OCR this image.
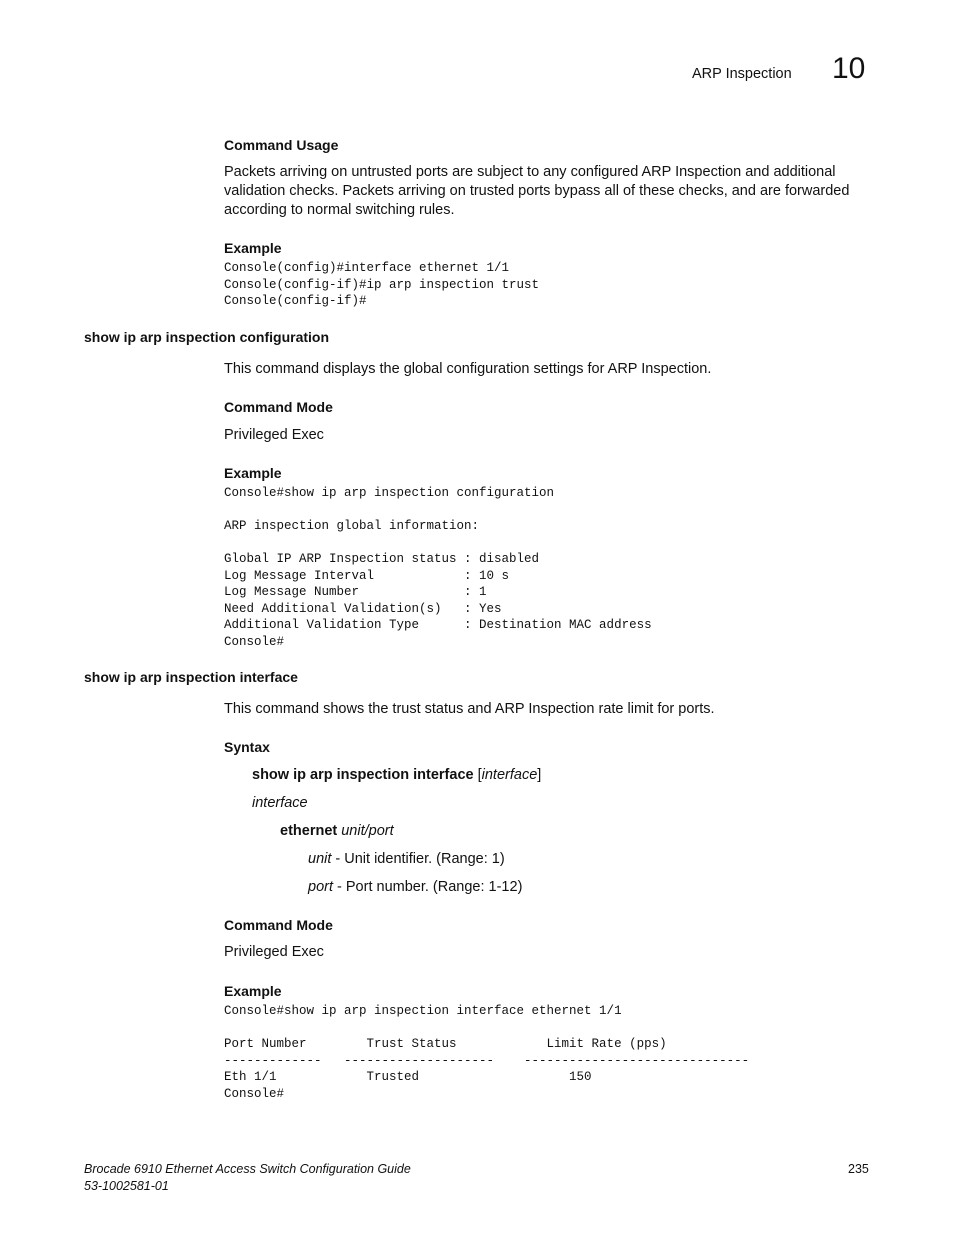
ARP Inspection 10
Command Usage
Packets arriving on untrusted ports are subject to any configured ARP Inspection and additional validation checks. Packets arriving on trusted ports bypass all of these checks, and are forwarded according to normal switching rules.
Example
Console(config)#interface ethernet 1/1
Console(config-if)#ip arp inspection trust
Console(config-if)#
show ip arp inspection configuration
This command displays the global configuration settings for ARP Inspection.
Command Mode
Privileged Exec
Example
Console#show ip arp inspection configuration

ARP inspection global information:

Global IP ARP Inspection status : disabled
Log Message Interval            : 10 s
Log Message Number              : 1
Need Additional Validation(s)   : Yes
Additional Validation Type      : Destination MAC address
Console#
show ip arp inspection interface
This command shows the trust status and ARP Inspection rate limit for ports.
Syntax
show ip arp inspection interface [interface]
interface
ethernet unit/port
unit - Unit identifier. (Range: 1)
port - Port number. (Range: 1-12)
Command Mode
Privileged Exec
Example
Console#show ip arp inspection interface ethernet 1/1

Port Number        Trust Status            Limit Rate (pps)
-------------   --------------------    ------------------------------
Eth 1/1            Trusted                    150
Console#
Brocade 6910 Ethernet Access Switch Configuration Guide
53-1002581-01
235
